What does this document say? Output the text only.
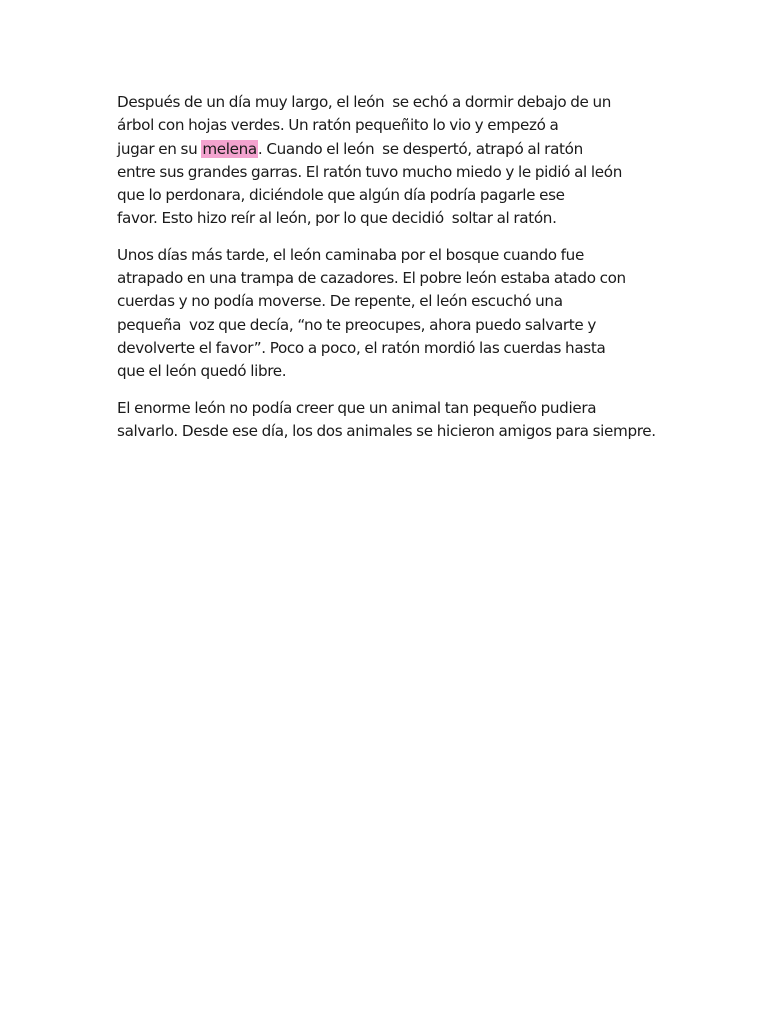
Después de un día muy largo, el león  se echó a dormir debajo de un
árbol con hojas verdes. Un ratón pequeñito lo vio y empezó a
jugar en su melena. Cuando el león  se despertó, atrapó al ratón
entre sus grandes garras. El ratón tuvo mucho miedo y le pidió al león
que lo perdonara, diciéndole que algún día podría pagarle ese
favor. Esto hizo reír al león, por lo que decidió  soltar al ratón.

Unos días más tarde, el león caminaba por el bosque cuando fue
atrapado en una trampa de cazadores. El pobre león estaba atado con
cuerdas y no podía moverse. De repente, el león escuchó una
pequeña  voz que decía, “no te preocupes, ahora puedo salvarte y
devolverte el favor”. Poco a poco, el ratón mordió las cuerdas hasta
que el león quedó libre.

El enorme león no podía creer que un animal tan pequeño pudiera
salvarlo. Desde ese día, los dos animales se hicieron amigos para siempre.
